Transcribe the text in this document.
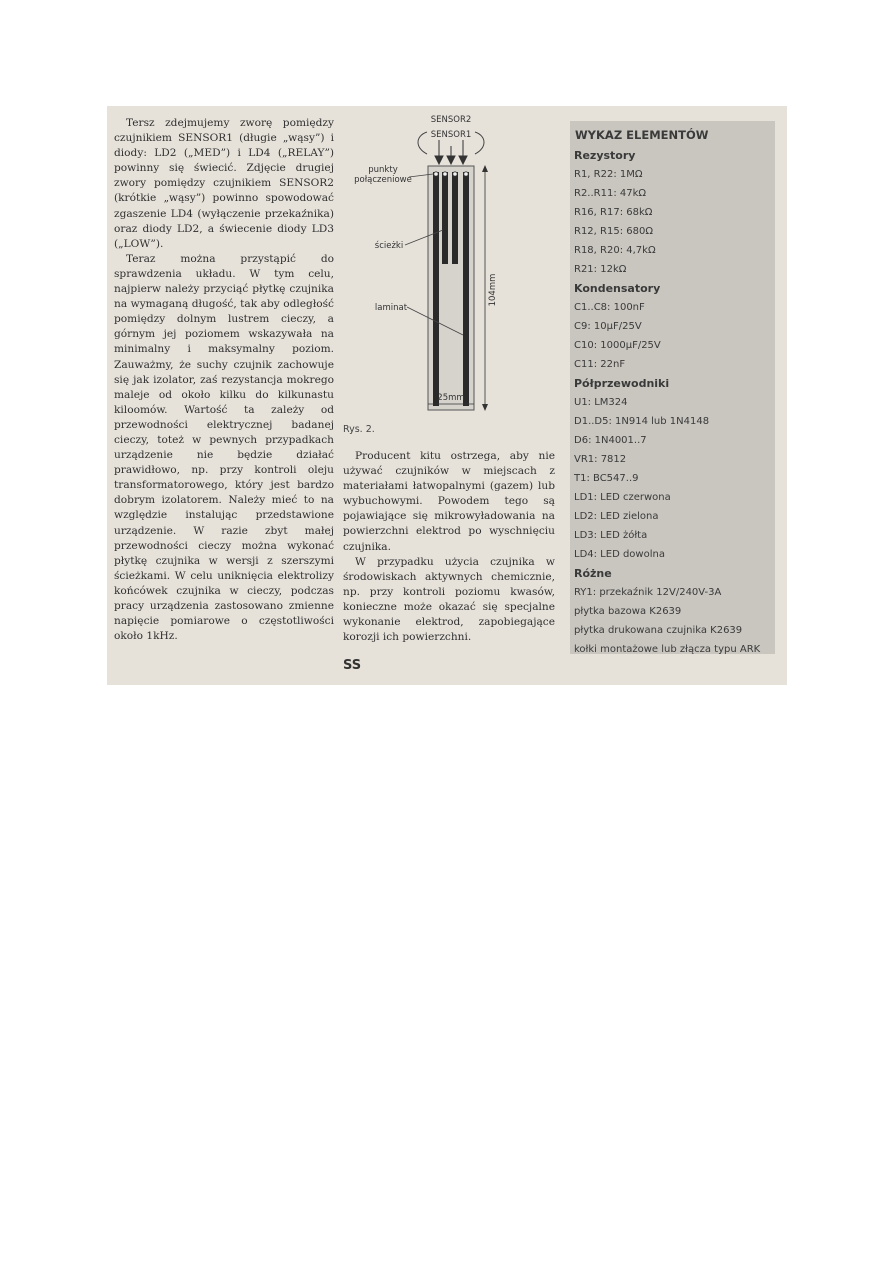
Tersz zdejmujemy zworę pomiędzy czujnikiem SENSOR1 (długie „wąsy”) i diody: LD2 („MED”) i LD4 („RELAY”) powinny się świecić. Zdjęcie drugiej zwory pomiędzy czujnikiem SENSOR2 (krótkie „wąsy”) powinno spowodować zgaszenie LD4 (wyłączenie przekaźnika) oraz diody LD2, a świecenie diody LD3 („LOW”).

Teraz można przystąpić do sprawdzenia układu. W tym celu, najpierw należy przyciąć płytkę czujnika na wymaganą długość, tak aby odległość pomiędzy dolnym lustrem cieczy, a górnym jej poziomem wskazywała na minimalny i maksymalny poziom. Zauważmy, że suchy czujnik zachowuje się jak izolator, zaś rezystancja mokrego maleje od około kilku do kilkunastu kiloomów. Wartość ta zależy od przewodności elektrycznej badanej cieczy, toteż w pewnych przypadkach urządzenie nie będzie działać prawidłowo, np. przy kontroli oleju transformatorowego, który jest bardzo dobrym izolatorem. Należy mieć to na względzie instalując przedstawione urządzenie. W razie zbyt małej przewodności cieczy można wykonać płytkę czujnika w wersji z szerszymi ścieżkami. W celu uniknięcia elektrolizy końcówek czujnika w cieczy, podczas pracy urządzenia zastosowano zmienne napięcie pomiarowe o częstotliwości około 1kHz.

SENSOR2
SENSOR1
punkty
połączeniowe
ścieżki
laminat
104mm
25mm
Rys. 2.

Producent kitu ostrzega, aby nie używać czujników w miejscach z materiałami łatwopalnymi (gazem) lub wybuchowymi. Powodem tego są pojawiające się mikrowyładowania na powierzchni elektrod po wyschnięciu czujnika.

W przypadku użycia czujnika w środowiskach aktywnych chemicznie, np. przy kontroli poziomu kwasów, konieczne może okazać się specjalne wykonanie elektrod, zapobiegające korozji ich powierzchni.

SS
WYKAZ ELEMENTÓW
Rezystory
R1, R22: 1MΩ
R2..R11: 47kΩ
R16, R17: 68kΩ
R12, R15: 680Ω
R18, R20: 4,7kΩ
R21: 12kΩ
Kondensatory
C1..C8: 100nF
C9: 10μF/25V
C10: 1000μF/25V
C11: 22nF
Półprzewodniki
U1: LM324
D1..D5: 1N914 lub 1N4148
D6: 1N4001..7
VR1: 7812
T1: BC547..9
LD1: LED czerwona
LD2: LED zielona
LD3: LED żółta
LD4: LED dowolna
Różne
RY1: przekaźnik 12V/240V-3A
płytka bazowa K2639
płytka drukowana czujnika K2639
kołki montażowe lub złącza typu ARK
